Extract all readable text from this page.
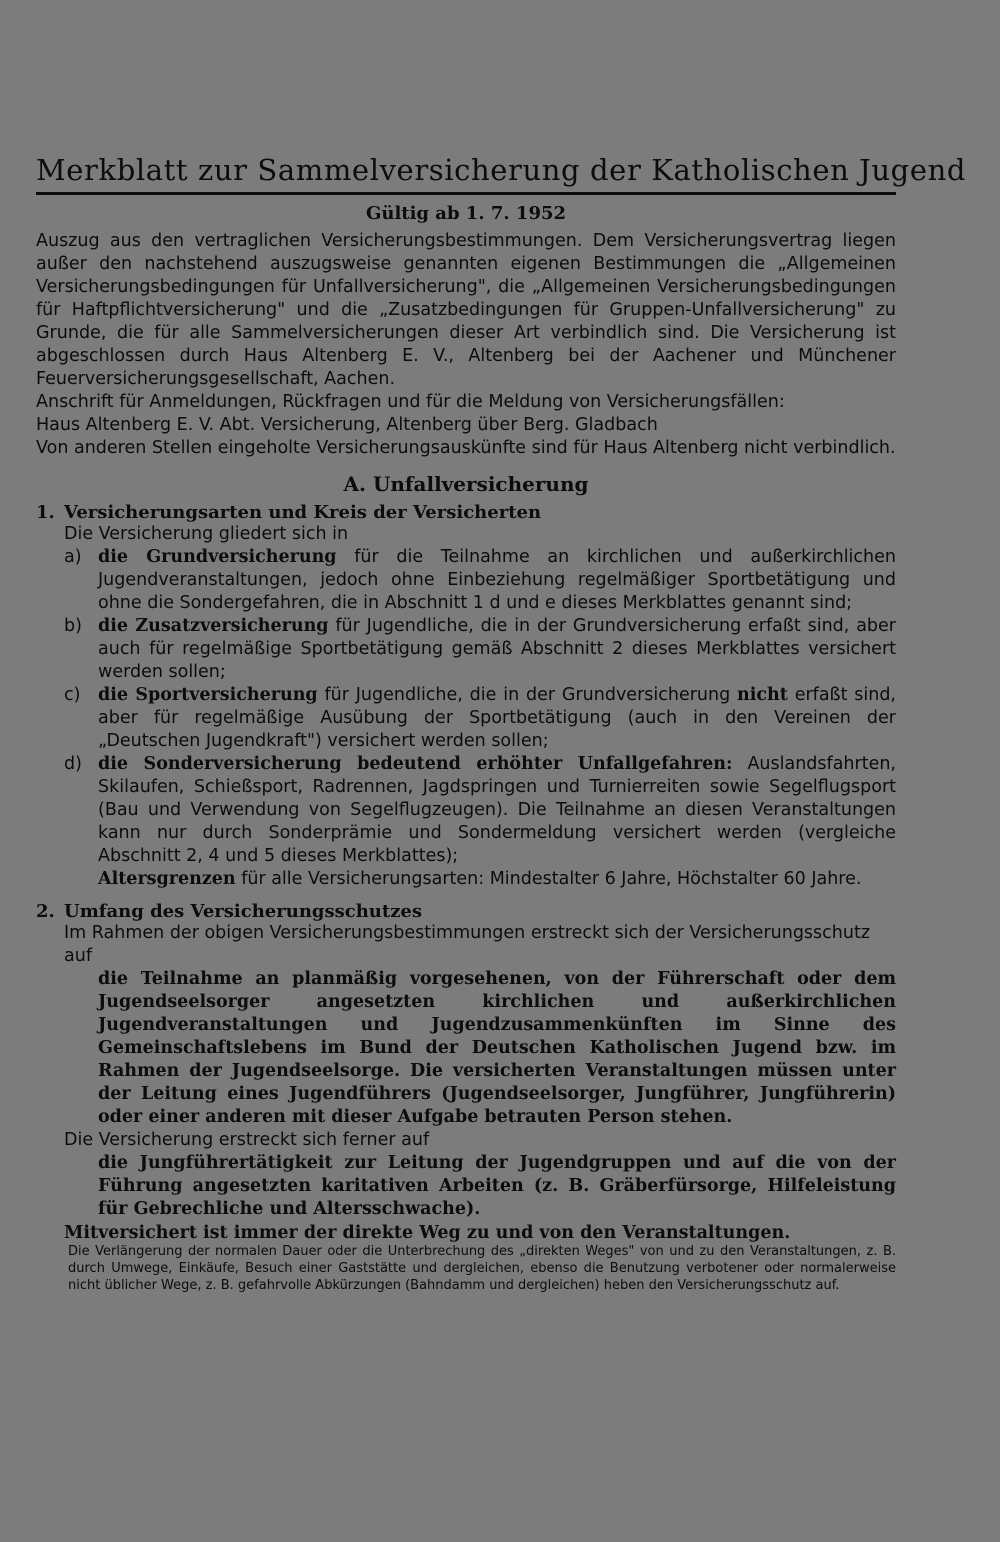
Merkblatt zur Sammelversicherung der Katholischen Jugend
Gültig ab 1. 7. 1952

Auszug aus den vertraglichen Versicherungsbestimmungen. Dem Versicherungsvertrag liegen außer den nachstehend auszugsweise genannten eigenen Bestimmungen die „Allgemeinen Versicherungsbedingungen für Unfallversicherung", die „Allgemeinen Versicherungsbedingungen für Haftpflichtversicherung" und die „Zusatzbedingungen für Gruppen-Unfallversicherung" zu Grunde, die für alle Sammelversicherungen dieser Art verbindlich sind. Die Versicherung ist abgeschlossen durch Haus Altenberg E. V., Altenberg bei der Aachener und Münchener Feuerversicherungsgesellschaft, Aachen.

Anschrift für Anmeldungen, Rückfragen und für die Meldung von Versicherungsfällen:

Haus Altenberg E. V. Abt. Versicherung, Altenberg über Berg. Gladbach

Von anderen Stellen eingeholte Versicherungsauskünfte sind für Haus Altenberg nicht verbindlich.

A. Unfallversicherung
1. Versicherungsarten und Kreis der Versicherten
Die Versicherung gliedert sich in
a) die Grundversicherung für die Teilnahme an kirchlichen und außerkirchlichen Jugendveranstaltungen, jedoch ohne Einbeziehung regelmäßiger Sportbetätigung und ohne die Sondergefahren, die in Abschnitt 1 d und e dieses Merkblattes genannt sind;
b) die Zusatzversicherung für Jugendliche, die in der Grundversicherung erfaßt sind, aber auch für regelmäßige Sportbetätigung gemäß Abschnitt 2 dieses Merkblattes versichert werden sollen;
c)	die Sportversicherung für Jugendliche, die in der Grundversicherung nicht erfaßt sind, aber für regelmäßige Ausübung der Sportbetätigung (auch in den Vereinen der „Deutschen Jugendkraft") versichert werden sollen;
d) die Sonderversicherung bedeutend erhöhter Unfallgefahren: Auslandsfahrten, Skilaufen, Schießsport, Radrennen, Jagdspringen und Turnierreiten sowie Segelflugsport (Bau und Verwendung von Segelflugzeugen). Die Teilnahme an diesen Veranstaltungen kann nur durch Sonderprämie und Sondermeldung versichert werden (vergleiche Abschnitt 2, 4 und 5 dieses Merkblattes);
Altersgrenzen für alle Versicherungsarten: Mindestalter 6 Jahre, Höchstalter 60 Jahre.
2. Umfang des Versicherungsschutzes
Im Rahmen der obigen Versicherungsbestimmungen erstreckt sich der Versicherungsschutz auf
die Teilnahme an planmäßig vorgesehenen, von der Führerschaft oder dem Jugendseelsorger angesetzten kirchlichen und außerkirchlichen Jugendveranstaltungen und Jugendzusammenkünften im Sinne des Gemeinschaftslebens im Bund der Deutschen Katholischen Jugend bzw. im Rahmen der Jugendseelsorge. Die versicherten Veranstaltungen müssen unter der Leitung eines Jugendführers (Jugendseelsorger, Jungführer, Jungführerin) oder einer anderen mit dieser Aufgabe betrauten Person stehen.
Die Versicherung erstreckt sich ferner auf
die Jungführertätigkeit zur Leitung der Jugendgruppen und auf die von der Führung angesetzten karitativen Arbeiten (z. B. Gräberfürsorge, Hilfeleistung für Gebrechliche und Altersschwache).
Mitversichert ist immer der direkte Weg zu und von den Veranstaltungen.
Die Verlängerung der normalen Dauer oder die Unterbrechung des „direkten Weges" von und zu den Veranstaltungen, z. B. durch Umwege, Einkäufe, Besuch einer Gaststätte und dergleichen, ebenso die Benutzung verbotener oder normalerweise nicht üblicher Wege, z. B. gefahrvolle Abkürzungen (Bahndamm und dergleichen) heben den Versicherungsschutz auf.
